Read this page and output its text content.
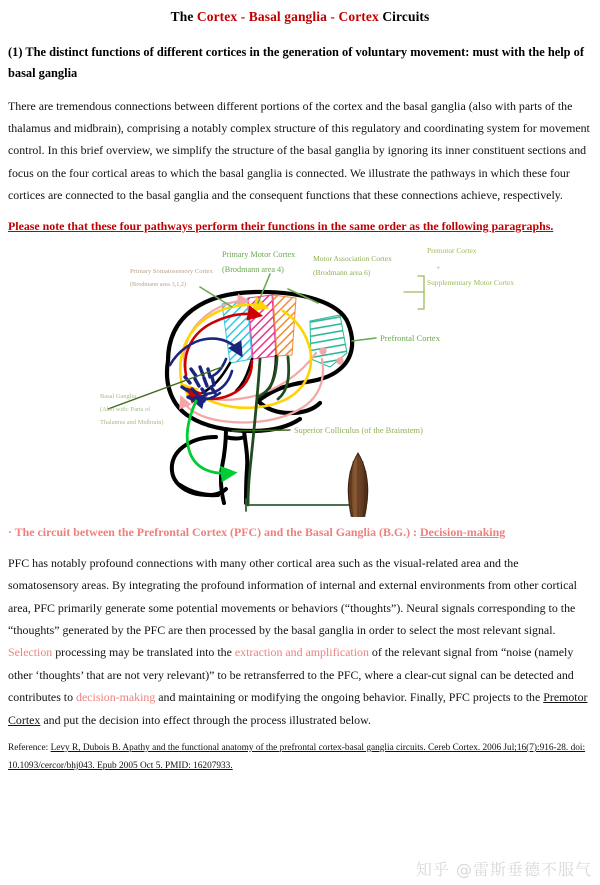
The Cortex - Basal ganglia - Cortex Circuits
(1) The distinct functions of different cortices in the generation of voluntary movement: must with the help of basal ganglia
There are tremendous connections between different portions of the cortex and the basal ganglia (also with parts of the thalamus and midbrain), comprising a notably complex structure of this regulatory and coordinating system for movement control. In this brief overview, we simplify the structure of the basal ganglia by ignoring its inner constituent sections and focus on the four cortical areas to which the basal ganglia is connected. We illustrate the pathways in which these four cortices are connected to the basal ganglia and the consequent functions that these connections achieve, respectively.
Please note that these four pathways perform their functions in the same order as the following paragraphs.
Primary Motor Cortex
(Brodmann area 4)
Primary Somatosensory Cortex
(Brodmann area 3,1,2)
Motor Association Cortex
(Brodmann area 6)
Premotor Cortex
+
Supplementary Motor Cortex
Prefrontal Cortex
Basal Ganglia
(Also with: Parts of
Thalamus and Midbrain)
Superior Colliculus (of the Brainstem)
· The circuit between the Prefrontal Cortex (PFC) and the Basal Ganglia (B.G.) : Decision-making
PFC has notably profound connections with many other cortical area such as the visual-related area and the somatosensory areas. By integrating the profound information of internal and external environments from other cortical area, PFC primarily generate some potential movements or behaviors (“thoughts”). Neural signals corresponding to the “thoughts” generated by the PFC are then processed by the basal ganglia in order to select the most relevant signal. Selection processing may be translated into the extraction and amplification of the relevant signal from “noise (namely other ‘thoughts’ that are not very relevant)” to be retransferred to the PFC, where a clear-cut signal can be detected and contributes to decision-making and maintaining or modifying the ongoing behavior. Finally, PFC projects to the Premotor Cortex and put the decision into effect through the process illustrated below.
Reference: Levy R, Dubois B. Apathy and the functional anatomy of the prefrontal cortex-basal ganglia circuits. Cereb Cortex. 2006 Jul;16(7):916-28. doi: 10.1093/cercor/bhj043. Epub 2005 Oct 5. PMID: 16207933.
知乎 @雷斯垂德不服气
